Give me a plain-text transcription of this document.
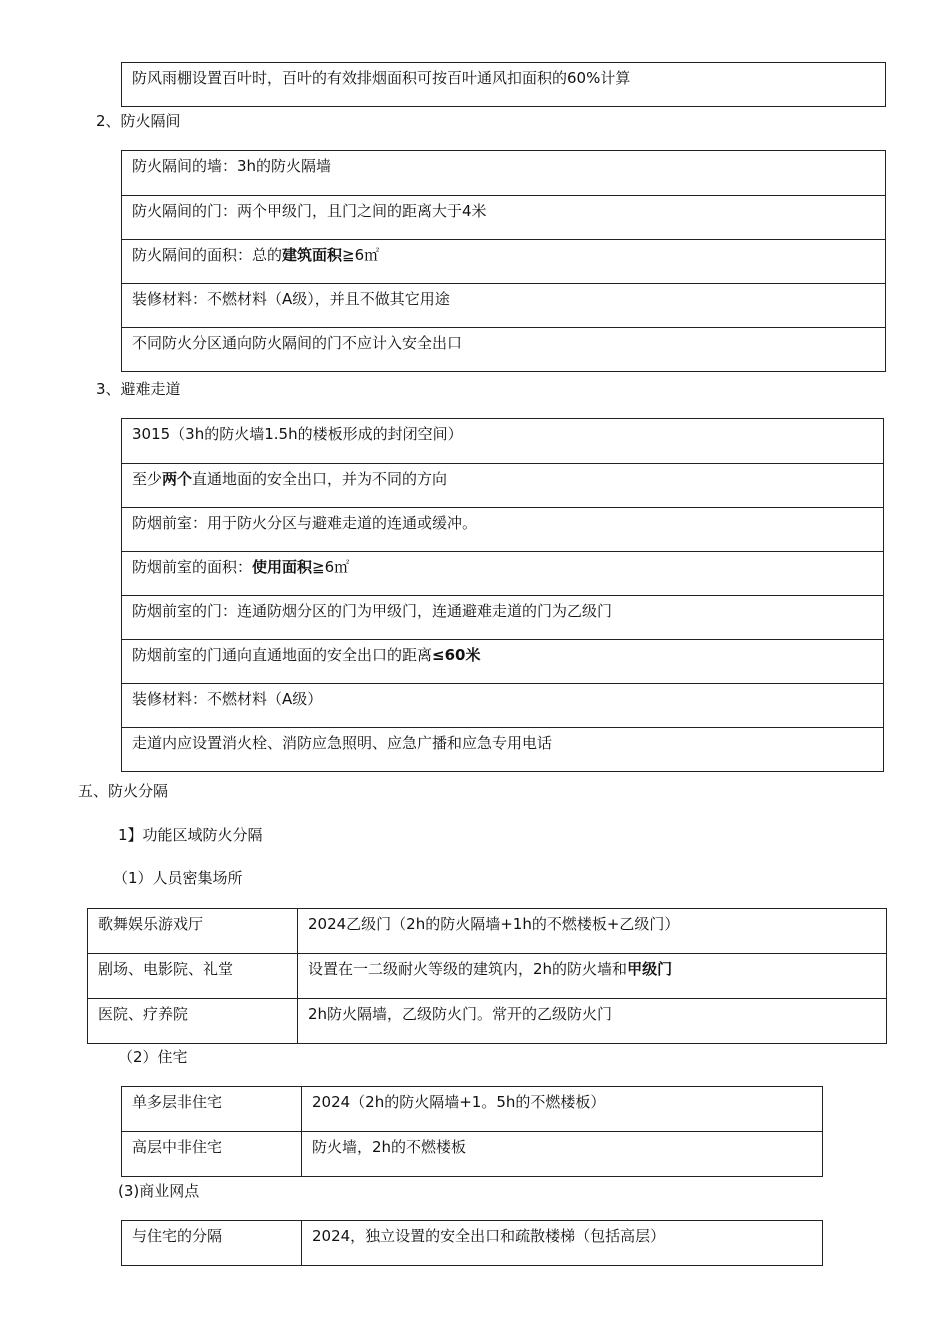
防风雨棚设置百叶时，百叶的有效排烟面积可按百叶通风扣面积的60%计算
2、防火隔间
防火隔间的墙：3h的防火隔墙
防火隔间的门：两个甲级门，且门之间的距离大于4米
防火隔间的面积：总的建筑面积≧6㎡
装修材料：不燃材料（A级），并且不做其它用途
不同防火分区通向防火隔间的门不应计入安全出口
3、避难走道
3015（3h的防火墙1.5h的楼板形成的封闭空间）
至少两个直通地面的安全出口，并为不同的方向
防烟前室：用于防火分区与避难走道的连通或缓冲。
防烟前室的面积：使用面积≧6㎡
防烟前室的门：连通防烟分区的门为甲级门，连通避难走道的门为乙级门
防烟前室的门通向直通地面的安全出口的距离≤60米
装修材料：不燃材料（A级）
走道内应设置消火栓、消防应急照明、应急广播和应急专用电话
五、防火分隔
1】功能区域防火分隔
（1）人员密集场所
歌舞娱乐游戏厅	2024乙级门（2h的防火隔墙+1h的不燃楼板+乙级门）
剧场、电影院、礼堂	设置在一二级耐火等级的建筑内，2h的防火墙和甲级门
医院、疗养院	2h防火隔墙，乙级防火门。常开的乙级防火门
（2）住宅
单多层非住宅	2024（2h的防火隔墙+1。5h的不燃楼板）
高层中非住宅	防火墙，2h的不燃楼板
(3)商业网点
与住宅的分隔	2024，独立设置的安全出口和疏散楼梯（包括高层）
